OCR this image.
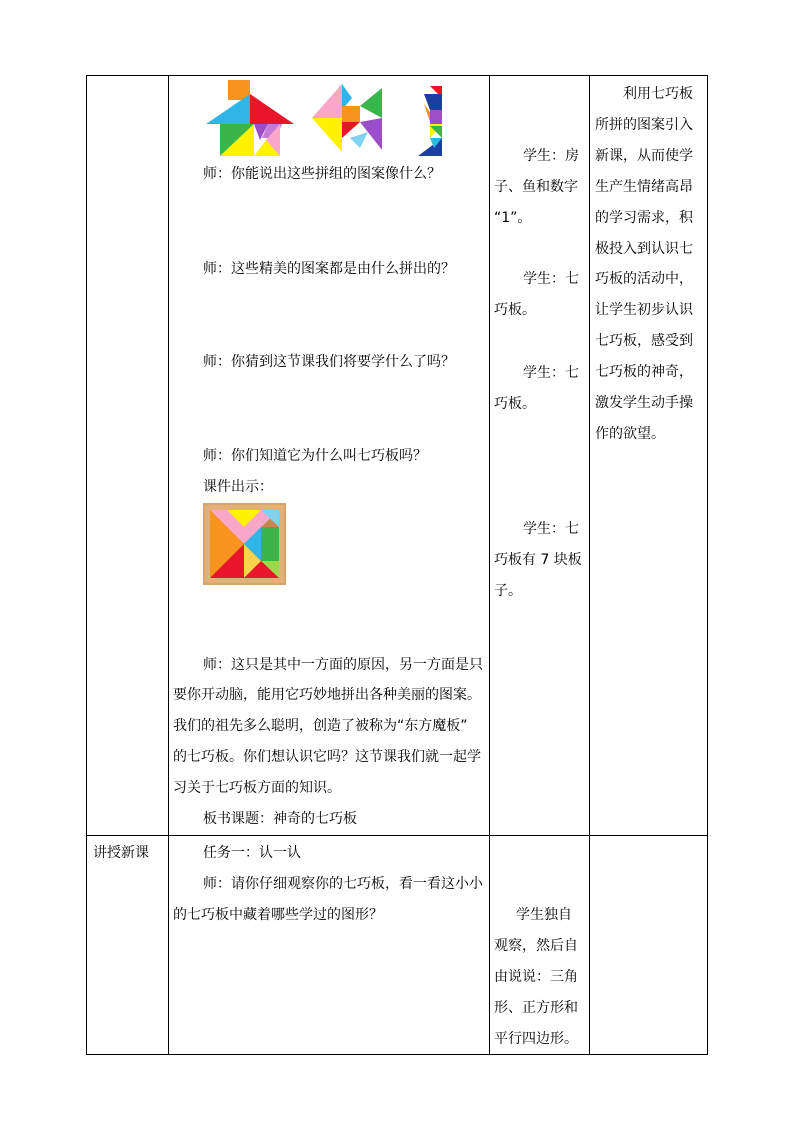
师：你能说出这些拼组的图案像什么？
师：这些精美的图案都是由什么拼出的？
师：你猜到这节课我们将要学什么了吗？
师：你们知道它为什么叫七巧板吗？
课件出示：
师：这只是其中一方面的原因，另一方面是只
要你开动脑，能用它巧妙地拼出各种美丽的图案。
我们的祖先多么聪明，创造了被称为“东方魔板”
的七巧板。你们想认识它吗？这节课我们就一起学
习关于七巧板方面的知识。
板书课题：神奇的七巧板
学生：房
子、鱼和数字
“1”。
学生：七
巧板。
学生：七
巧板。
学生：七
巧板有 7 块板
子。
利用七巧板
所拼的图案引入
新课，从而使学
生产生情绪高昂
的学习需求，积
极投入到认识七
巧板的活动中，
让学生初步认识
七巧板，感受到
七巧板的神奇，
激发学生动手操
作的欲望。
讲授新课	任务一：认一认
师：请你仔细观察你的七巧板，看一看这小小
的七巧板中藏着哪些学过的图形？	学生独自
观察，然后自
由说说：三角
形、正方形和
平行四边形。
